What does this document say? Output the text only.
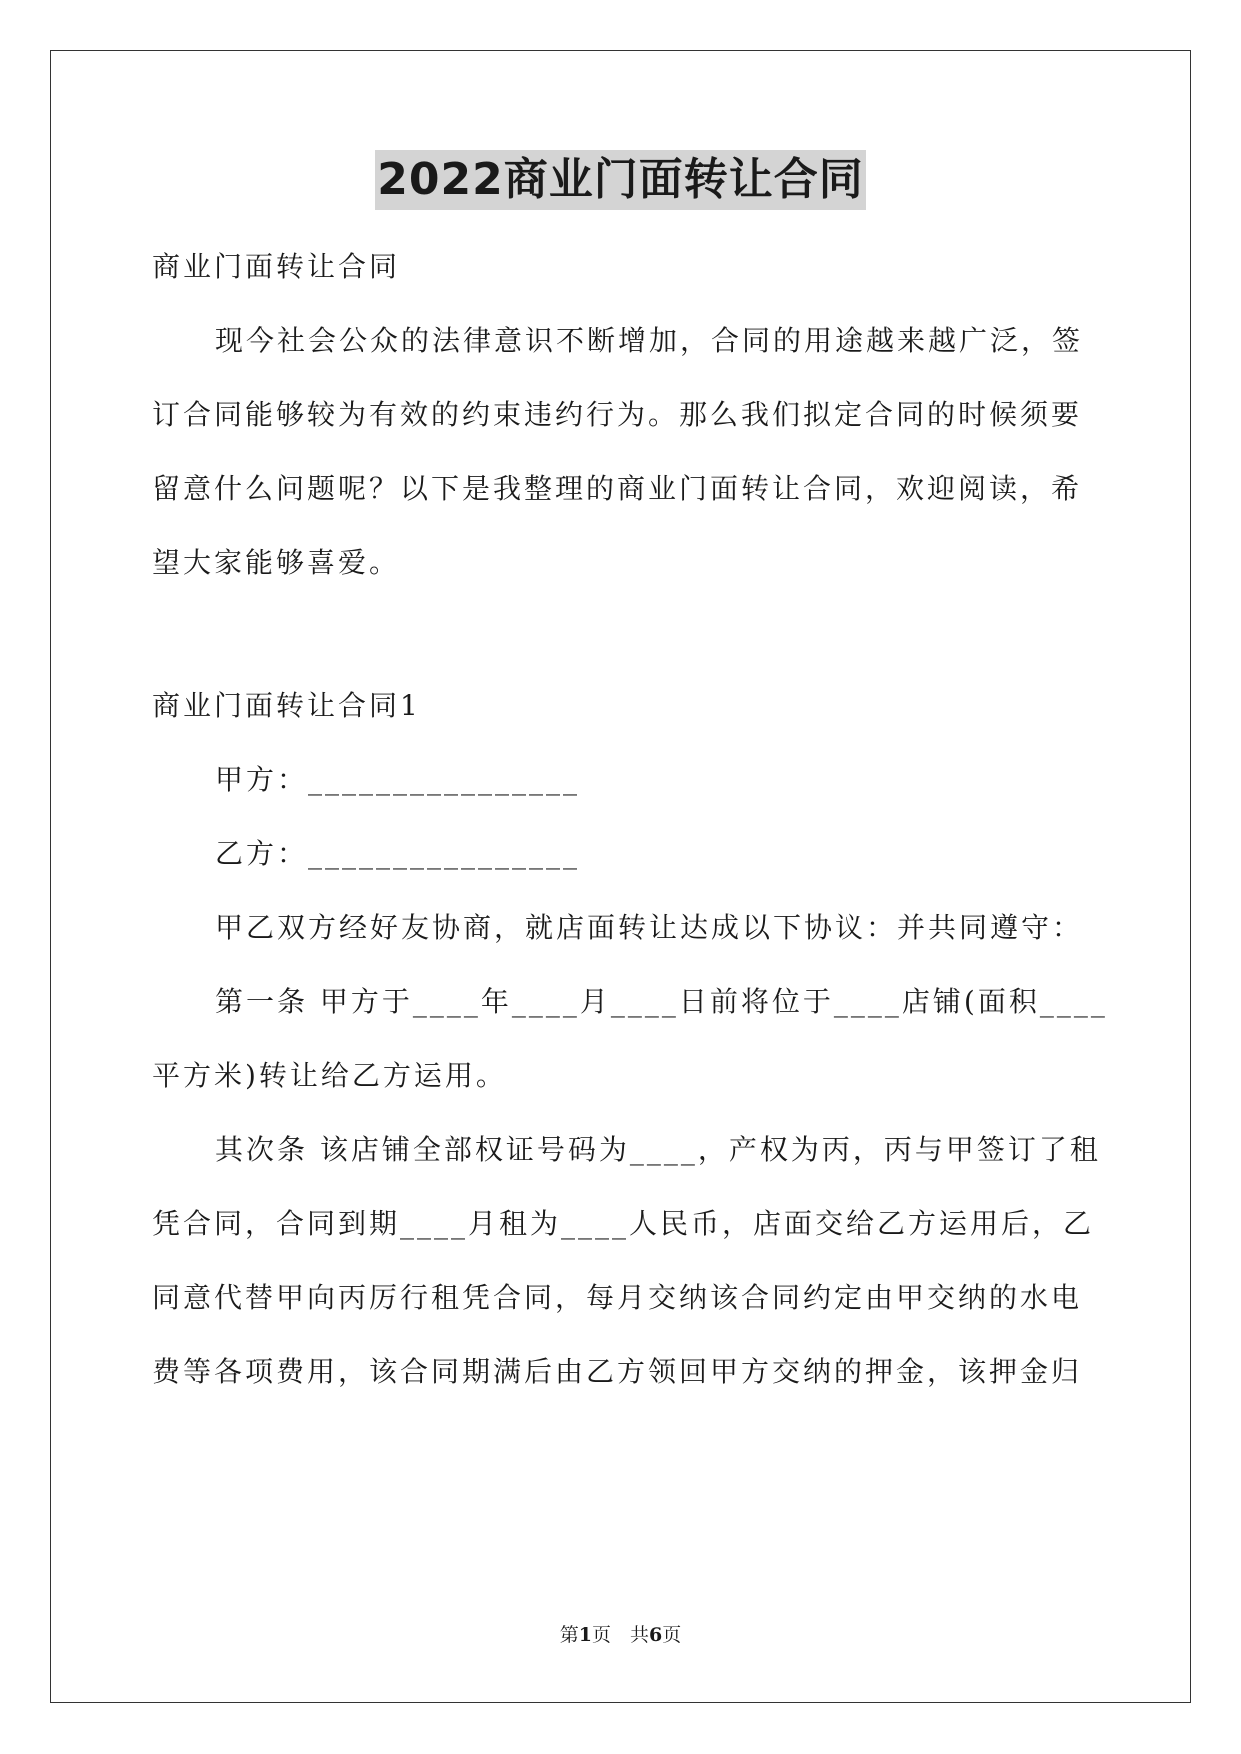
2022商业门面转让合同
商业门面转让合同
现今社会公众的法律意识不断增加，合同的用途越来越广泛，签
订合同能够较为有效的约束违约行为。那么我们拟定合同的时候须要
留意什么问题呢？以下是我整理的商业门面转让合同，欢迎阅读，希
望大家能够喜爱。
商业门面转让合同1
甲方：________________
乙方：________________
甲乙双方经好友协商，就店面转让达成以下协议：并共同遵守：
第一条 甲方于____年____月____日前将位于____店铺(面积____
平方米)转让给乙方运用。
其次条 该店铺全部权证号码为____，产权为丙，丙与甲签订了租
凭合同，合同到期____月租为____人民币，店面交给乙方运用后，乙
同意代替甲向丙厉行租凭合同，每月交纳该合同约定由甲交纳的水电
费等各项费用，该合同期满后由乙方领回甲方交纳的押金，该押金归
第1页　共6页
